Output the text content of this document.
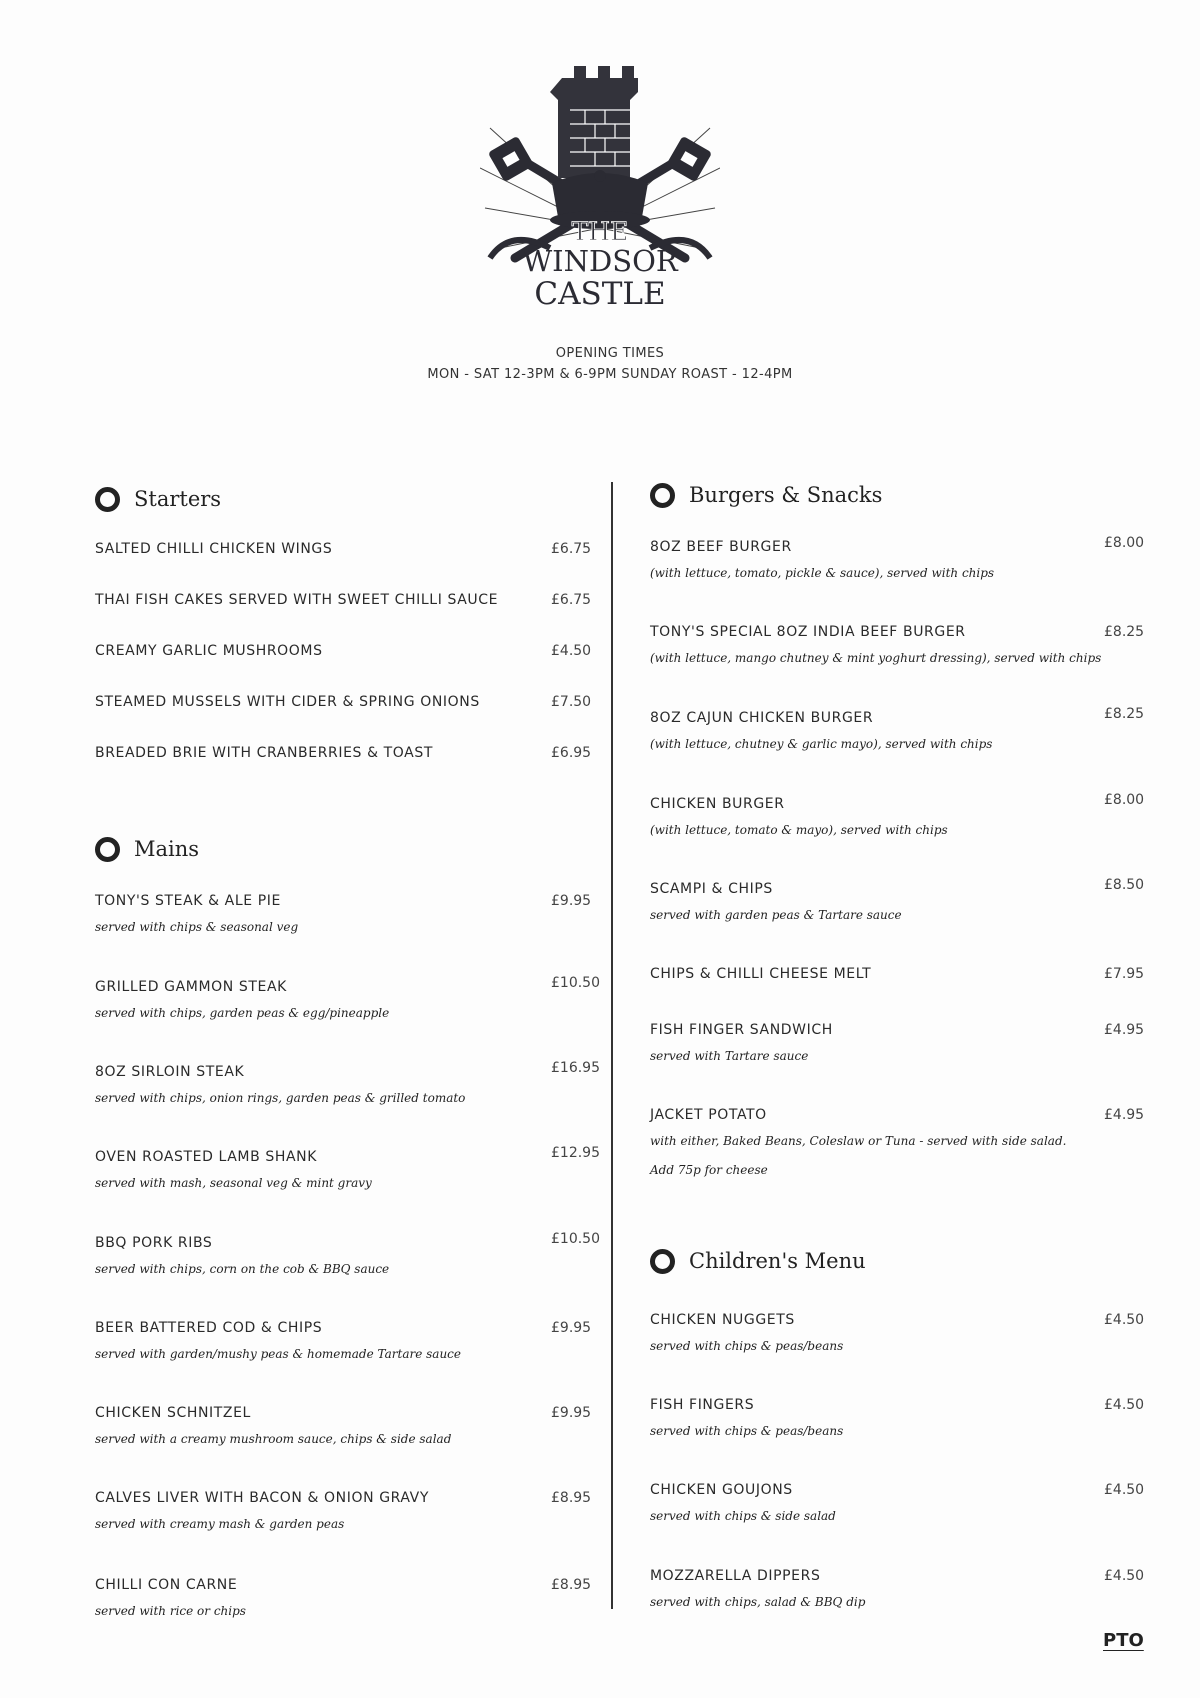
THE
WINDSOR
CASTLE
OPENING TIMES
MON - SAT 12-3PM & 6-9PM SUNDAY ROAST - 12-4PM
Starters
SALTED CHILLI CHICKEN WINGS	£6.75
THAI FISH CAKES SERVED WITH SWEET CHILLI SAUCE	£6.75
CREAMY GARLIC MUSHROOMS	£4.50
STEAMED MUSSELS WITH CIDER & SPRING ONIONS	£7.50
BREADED BRIE WITH CRANBERRIES & TOAST	£6.95
Mains
TONY'S STEAK & ALE PIE	£9.95
served with chips & seasonal veg
GRILLED GAMMON STEAK	£10.50
served with chips, garden peas & egg/pineapple
8OZ SIRLOIN STEAK	£16.95
served with chips, onion rings, garden peas & grilled tomato
OVEN ROASTED LAMB SHANK	£12.95
served with mash, seasonal veg & mint gravy
BBQ PORK RIBS	£10.50
served with chips, corn on the cob & BBQ sauce
BEER BATTERED COD & CHIPS	£9.95
served with garden/mushy peas & homemade Tartare sauce
CHICKEN SCHNITZEL	£9.95
served with a creamy mushroom sauce, chips & side salad
CALVES LIVER WITH BACON & ONION GRAVY	£8.95
served with creamy mash & garden peas
CHILLI CON CARNE	£8.95
served with rice or chips
Burgers & Snacks
8OZ BEEF BURGER	£8.00
(with lettuce, tomato, pickle & sauce), served with chips
TONY'S SPECIAL 8OZ INDIA BEEF BURGER	£8.25
(with lettuce, mango chutney & mint yoghurt dressing), served with chips
8OZ CAJUN CHICKEN BURGER	£8.25
(with lettuce, chutney & garlic mayo), served with chips
CHICKEN BURGER	£8.00
(with lettuce, tomato & mayo), served with chips
SCAMPI & CHIPS	£8.50
served with garden peas & Tartare sauce
CHIPS & CHILLI CHEESE MELT	£7.95
FISH FINGER SANDWICH	£4.95
served with Tartare sauce
JACKET POTATO	£4.95
with either, Baked Beans, Coleslaw or Tuna - served with side salad.
Add 75p for cheese
Children's Menu
CHICKEN NUGGETS	£4.50
served with chips & peas/beans
FISH FINGERS	£4.50
served with chips & peas/beans
CHICKEN GOUJONS	£4.50
served with chips & side salad
MOZZARELLA DIPPERS	£4.50
served with chips, salad & BBQ dip
PTO
